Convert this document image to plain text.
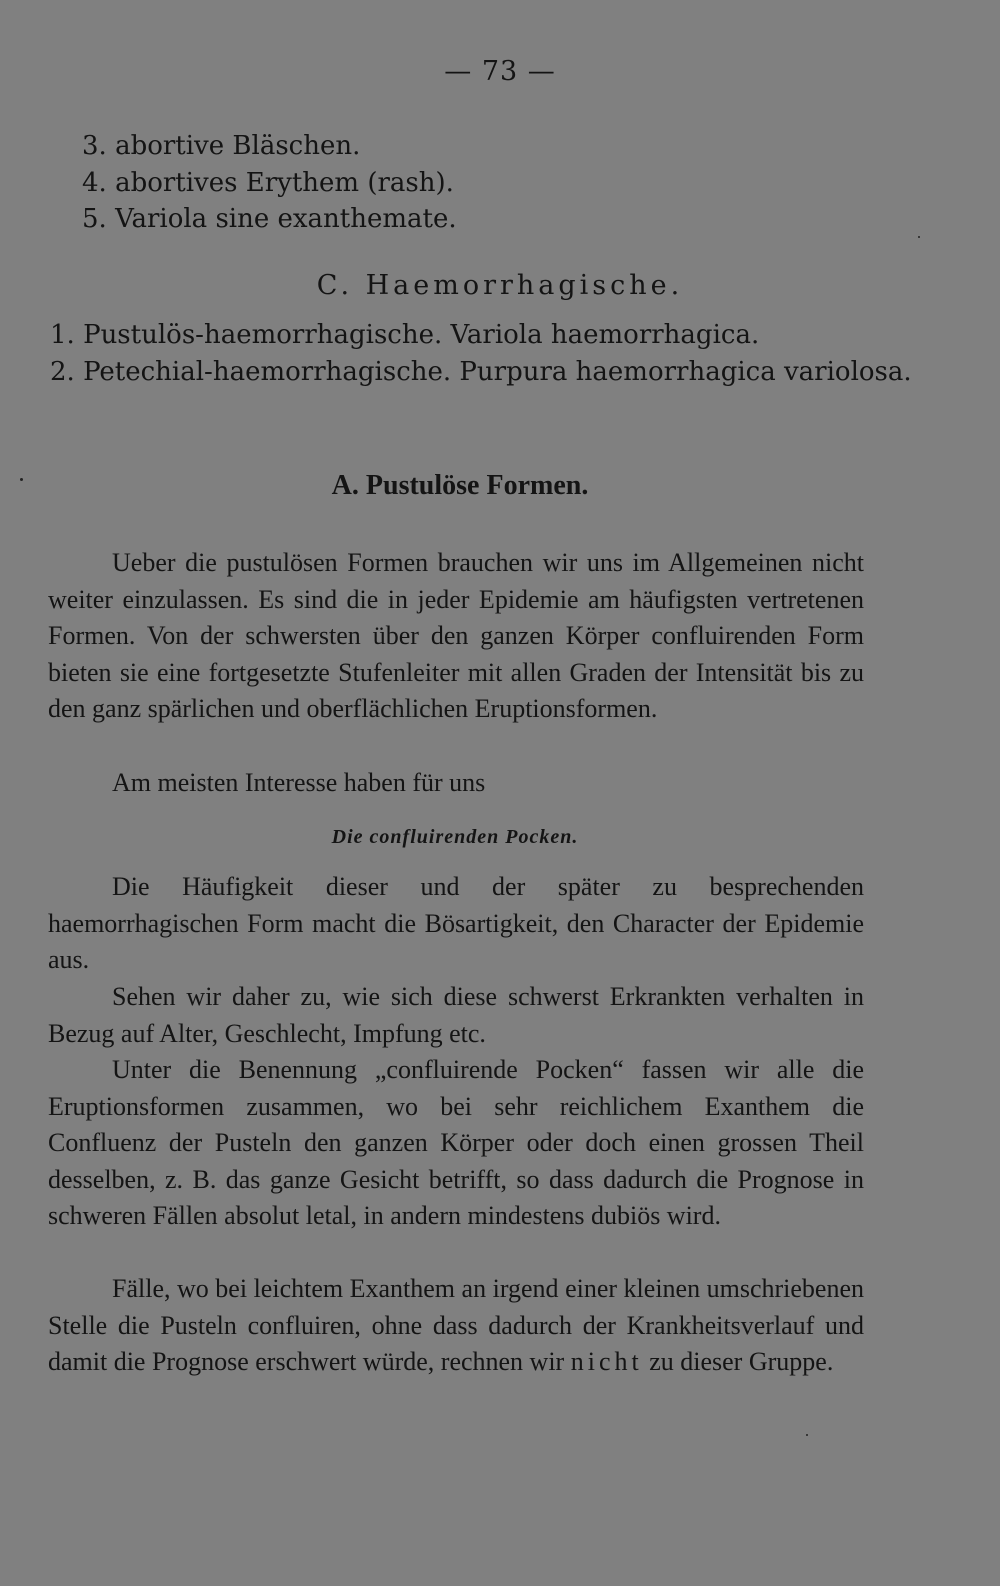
— 73 —
3. abortive Bläschen.
4. abortives Erythem (rash).
5. Variola sine exanthemate.
C. Haemorrhagische.
1. Pustulös-haemorrhagische. Variola haemorrhagica.
2. Petechial-haemorrhagische. Purpura haemorrhagica variolosa.
A. Pustulöse Formen.
Ueber die pustulösen Formen brauchen wir uns im Allgemeinen nicht weiter einzulassen. Es sind die in jeder Epidemie am häufigsten vertretenen Formen. Von der schwersten über den ganzen Körper confluirenden Form bieten sie eine fortgesetzte Stufenleiter mit allen Graden der Intensität bis zu den ganz spärlichen und oberflächlichen Eruptionsformen.
Am meisten Interesse haben für uns
Die confluirenden Pocken.
Die Häufigkeit dieser und der später zu besprechenden haemorrhagischen Form macht die Bösartigkeit, den Character der Epidemie aus.
Sehen wir daher zu, wie sich diese schwerst Erkrankten verhalten in Bezug auf Alter, Geschlecht, Impfung etc.
Unter die Benennung „confluirende Pocken“ fassen wir alle die Eruptionsformen zusammen, wo bei sehr reichlichem Exanthem die Confluenz der Pusteln den ganzen Körper oder doch einen grossen Theil desselben, z. B. das ganze Gesicht betrifft, so dass dadurch die Prognose in schweren Fällen absolut letal, in andern mindestens dubiös wird.
Fälle, wo bei leichtem Exanthem an irgend einer kleinen umschriebenen Stelle die Pusteln confluiren, ohne dass dadurch der Krankheitsverlauf und damit die Prognose erschwert würde, rechnen wir nicht zu dieser Gruppe.
